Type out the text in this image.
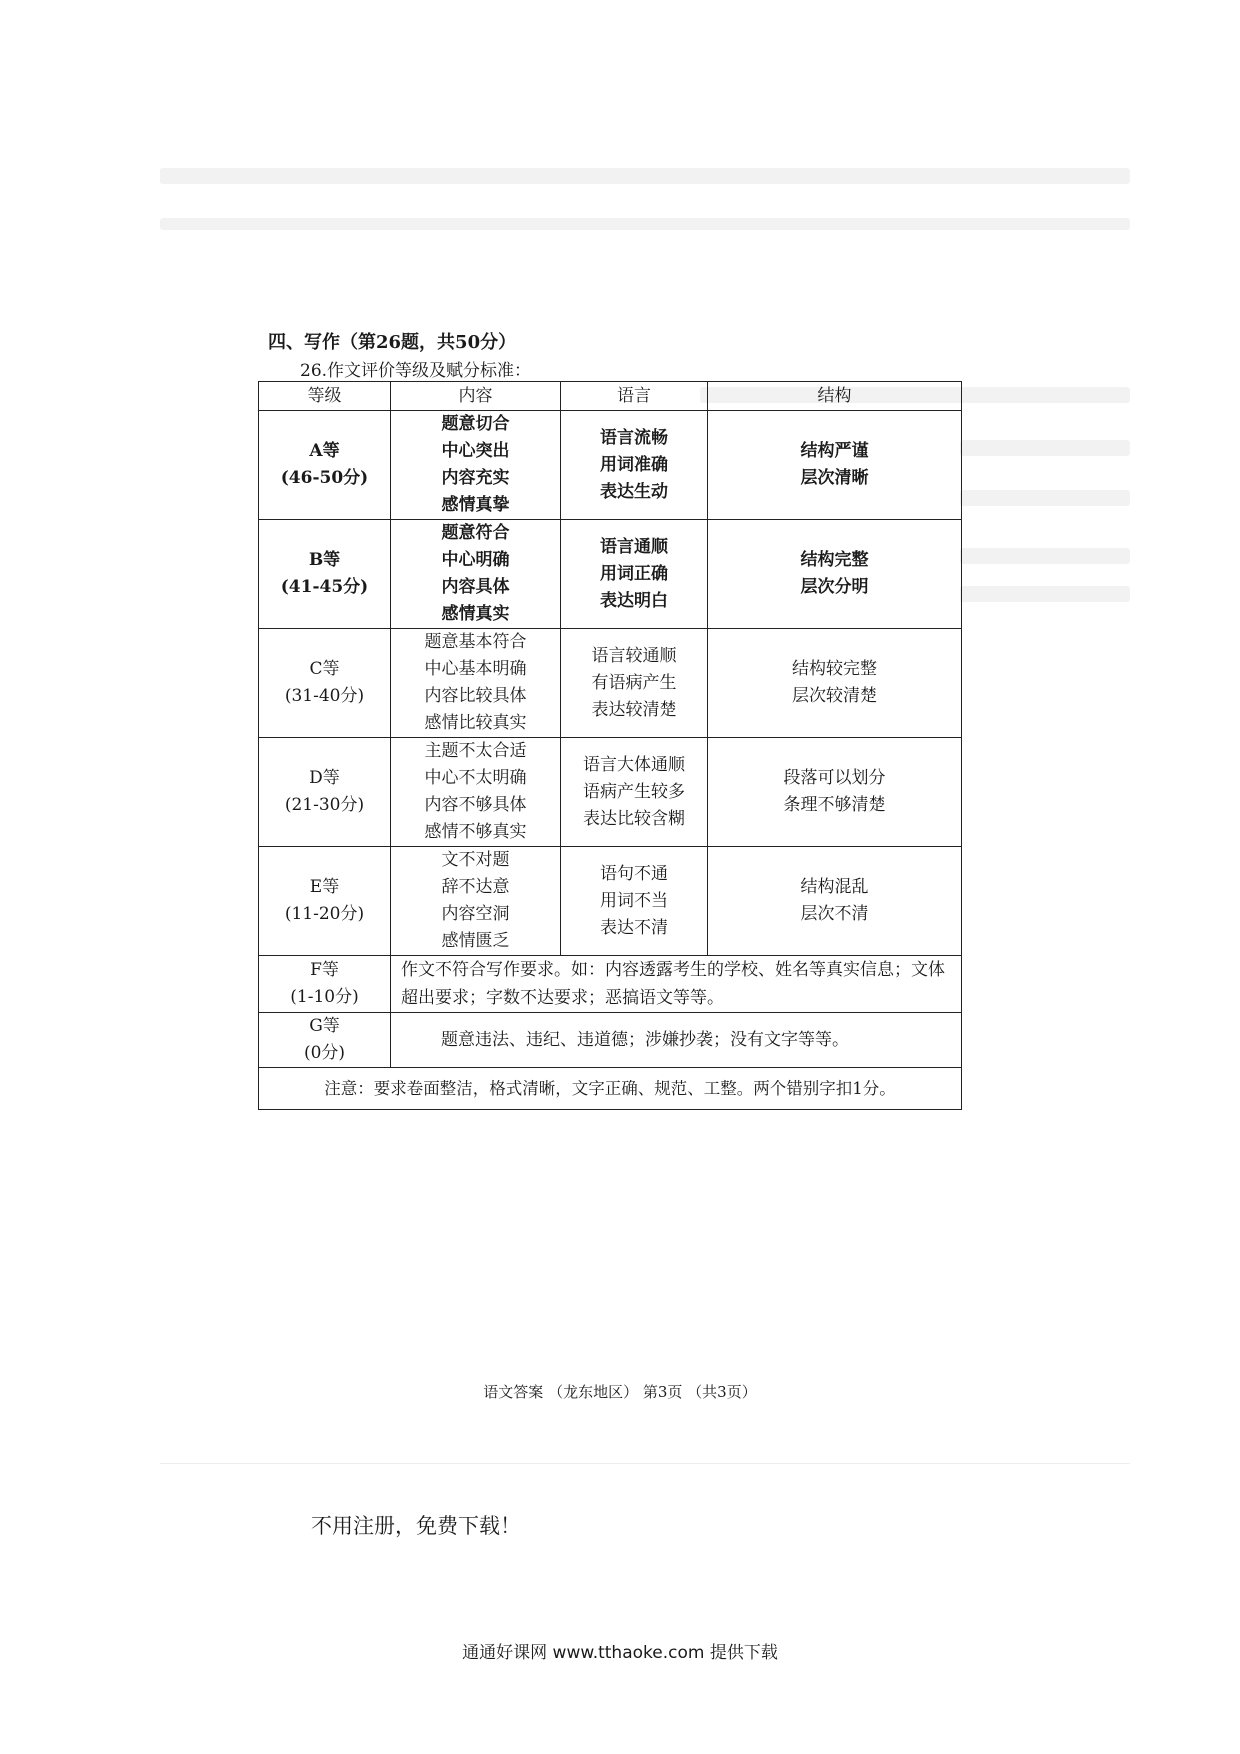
四、写作（第26题，共50分）
26.作文评价等级及赋分标准：
等级	内容	语言	结构

A等
(46-50分)	题意切合
中心突出
内容充实
感情真挚	语言流畅
用词准确
表达生动	结构严谨
层次清晰

B等
(41-45分)	题意符合
中心明确
内容具体
感情真实	语言通顺
用词正确
表达明白	结构完整
层次分明

C等
(31-40分)	题意基本符合
中心基本明确
内容比较具体
感情比较真实	语言较通顺
有语病产生
表达较清楚	结构较完整
层次较清楚

D等
(21-30分)	主题不太合适
中心不太明确
内容不够具体
感情不够真实	语言大体通顺
语病产生较多
表达比较含糊	段落可以划分
条理不够清楚

E等
(11-20分)	文不对题
辞不达意
内容空洞
感情匮乏	语句不通
用词不当
表达不清	结构混乱
层次不清

F等
(1-10分)	作文不符合写作要求。如：内容透露考生的学校、姓名等真实信息；文体超出要求；字数不达要求；恶搞语文等等。		

G等
(0分)	题意违法、违纪、违道德；涉嫌抄袭；没有文字等等。		
注意：要求卷面整洁，格式清晰，文字正确、规范、工整。两个错别字扣1分。			
语文答案 （龙东地区） 第3页 （共3页）
不用注册，免费下载！
通通好课网 www.tthaoke.com 提供下载
